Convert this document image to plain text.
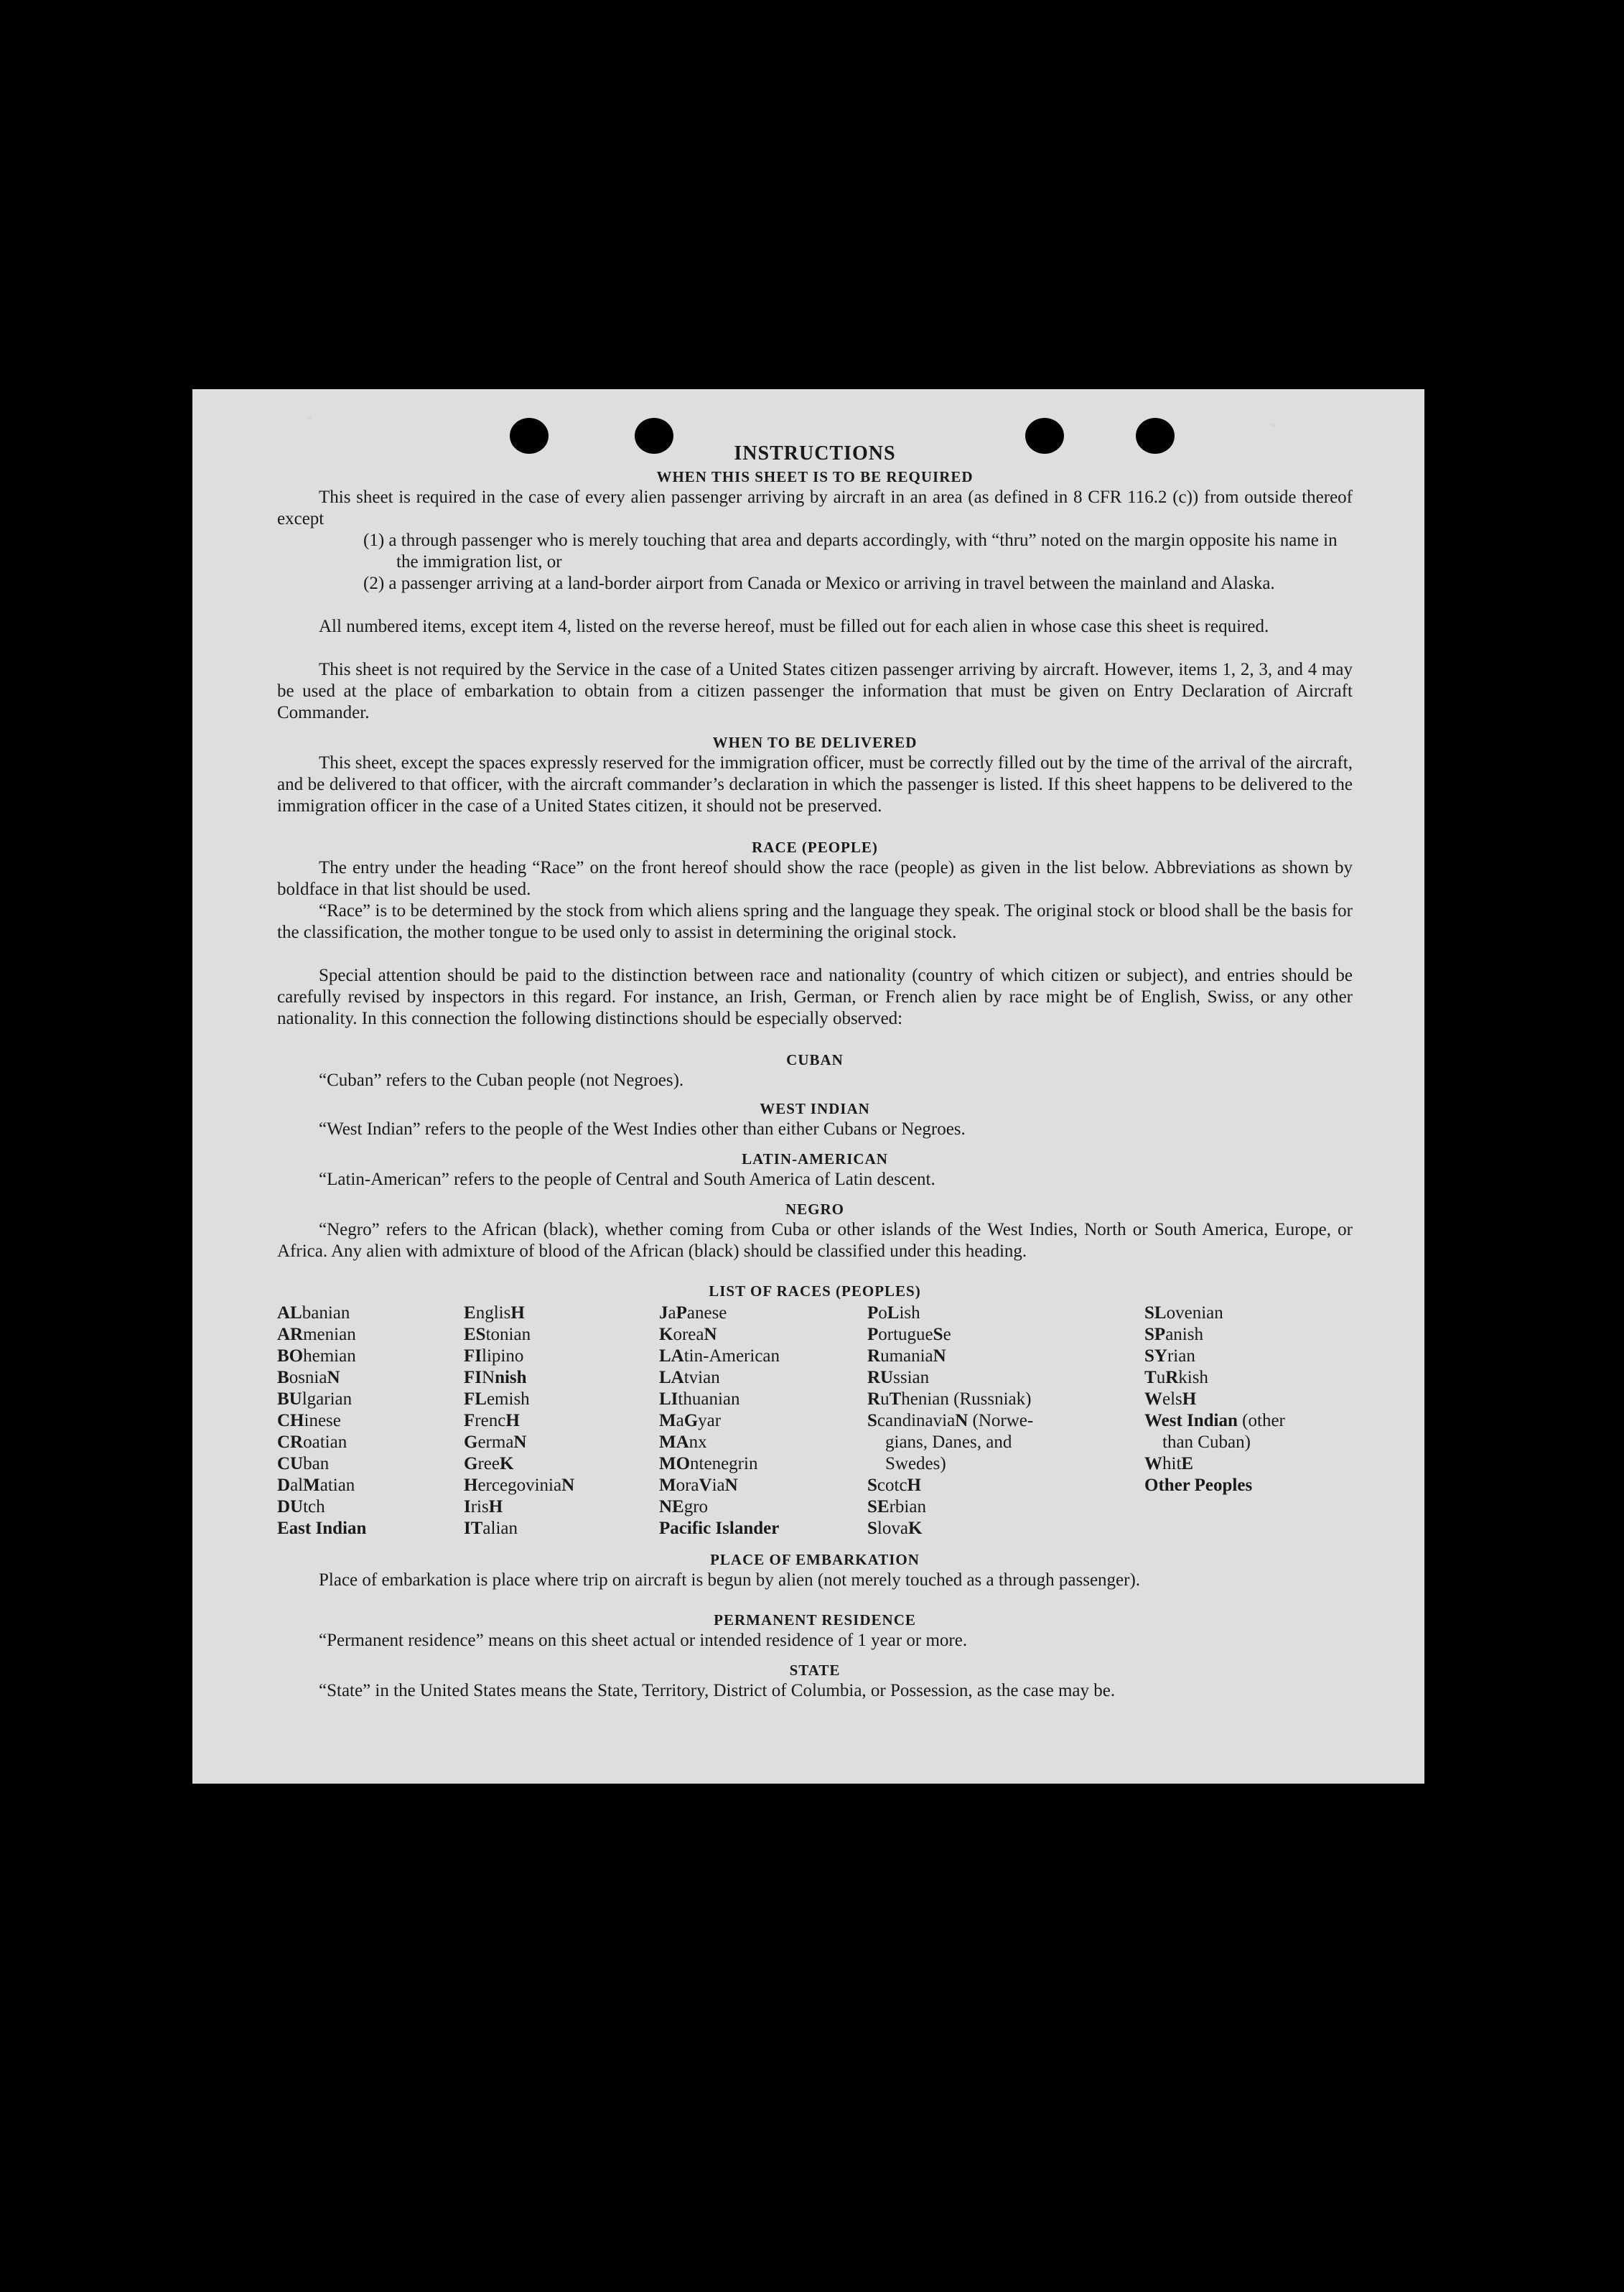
INSTRUCTIONS
WHEN THIS SHEET IS TO BE REQUIRED
This sheet is required in the case of every alien passenger arriving by aircraft in an area (as defined in 8 CFR 116.2 (c)) from outside thereof except
(1) a through passenger who is merely touching that area and departs accordingly, with “thru” noted on the margin opposite his name in the immigration list, or
(2) a passenger arriving at a land-border airport from Canada or Mexico or arriving in travel between the mainland and Alaska.
All numbered items, except item 4, listed on the reverse hereof, must be filled out for each alien in whose case this sheet is required.
This sheet is not required by the Service in the case of a United States citizen passenger arriving by aircraft. However, items 1, 2, 3, and 4 may be used at the place of embarkation to obtain from a citizen passenger the information that must be given on Entry Declaration of Aircraft Commander.
WHEN TO BE DELIVERED
This sheet, except the spaces expressly reserved for the immigration officer, must be correctly filled out by the time of the arrival of the aircraft, and be delivered to that officer, with the aircraft commander’s declaration in which the passenger is listed. If this sheet happens to be delivered to the immigration officer in the case of a United States citizen, it should not be preserved.
RACE (PEOPLE)
The entry under the heading “Race” on the front hereof should show the race (people) as given in the list below. Abbreviations as shown by boldface in that list should be used.
“Race” is to be determined by the stock from which aliens spring and the language they speak. The original stock or blood shall be the basis for the classification, the mother tongue to be used only to assist in determining the original stock.
Special attention should be paid to the distinction between race and nationality (country of which citizen or subject), and entries should be carefully revised by inspectors in this regard. For instance, an Irish, German, or French alien by race might be of English, Swiss, or any other nationality. In this connection the following distinctions should be especially observed:
CUBAN
“Cuban” refers to the Cuban people (not Negroes).
WEST INDIAN
“West Indian” refers to the people of the West Indies other than either Cubans or Negroes.
LATIN-AMERICAN
“Latin-American” refers to the people of Central and South America of Latin descent.
NEGRO
“Negro” refers to the African (black), whether coming from Cuba or other islands of the West Indies, North or South America, Europe, or Africa. Any alien with admixture of blood of the African (black) should be classified under this heading.
LIST OF RACES (PEOPLES)
ALbanian
ARmenian
BOhemian
BosniaN
BUlgarian
CHinese
CRoatian
CUban
DalMatian
DUtch
East Indian
EnglisH
EStonian
FIlipino
FINnish
FLemish
FrencH
GermaN
GreeK
HercegoviniaN
IrisH
ITalian
JaPanese
KoreaN
LAtin-American
LAtvian
LIthuanian
MaGyar
MAnx
MOntenegrin
MoraViaN
NEgro
Pacific Islander
PoLish
PortugueSe
RumaniaN
RUssian
RuThenian (Russniak)
ScandinaviaN (Norwe-
gians, Danes, and
Swedes)
ScotcH
SErbian
SlovaK
SLovenian
SPanish
SYrian
TuRkish
WelsH
West Indian (other
than Cuban)
WhitE
Other Peoples
PLACE OF EMBARKATION
Place of embarkation is place where trip on aircraft is begun by alien (not merely touched as a through passenger).
PERMANENT RESIDENCE
“Permanent residence” means on this sheet actual or intended residence of 1 year or more.
STATE
“State” in the United States means the State, Territory, District of Columbia, or Possession, as the case may be.
